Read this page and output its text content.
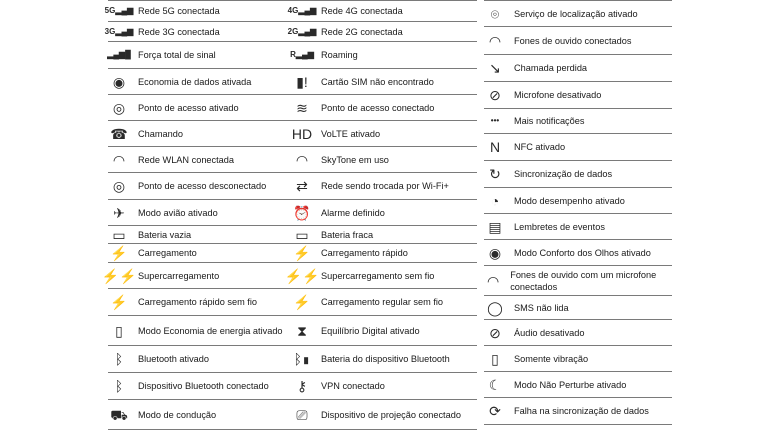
5G▂▄▆ Rede 5G conectada	4G▂▄▆ Rede 4G conectada
3G▂▄▆ Rede 3G conectada	2G▂▄▆ Rede 2G conectada
▂▄▆█ Força total de sinal	R▂▄▆ Roaming
◉	Economia de dados ativada	▮!	Cartão SIM não encontrado
◎	Ponto de acesso ativado	≋	Ponto de acesso conectado
☎	Chamando	HD VoLTE ativado
◠	Rede WLAN conectada	◠	SkyTone em uso
◎	Ponto de acesso desconectado	⇄	Rede sendo trocada por Wi-Fi+
✈	Modo avião ativado	⏰	Alarme definido
▭	Bateria vazia	▭	Bateria fraca
⚡	Carregamento	⚡	Carregamento rápido
⚡⚡ Supercarregamento	⚡⚡ Supercarregamento sem fio
⚡	Carregamento rápido sem fio	⚡	Carregamento regular sem fio
▯	Modo Economia de energia ativado	⧗	Equilíbrio Digital ativado
ᛒ	Bluetooth ativado	ᛒ▮	Bateria do dispositivo Bluetooth
ᛒ	Dispositivo Bluetooth conectado	⚷	VPN conectado
⛟	Modo de condução	⎚	Dispositivo de projeção conectado
⌾	Serviço de localização ativado
◠	Fones de ouvido conectados
↘	Chamada perdida
⊘	Microfone desativado
•••	Mais notificações
N	NFC ativado
↻	Sincronização de dados
◔	Modo desempenho ativado
▤	Lembretes de eventos
◉	Modo Conforto dos Olhos ativado
◠	Fones de ouvido com um microfone conectados
◯	SMS não lida
⊘	Áudio desativado
▯	Somente vibração
☾	Modo Não Perturbe ativado
⟳	Falha na sincronização de dados
